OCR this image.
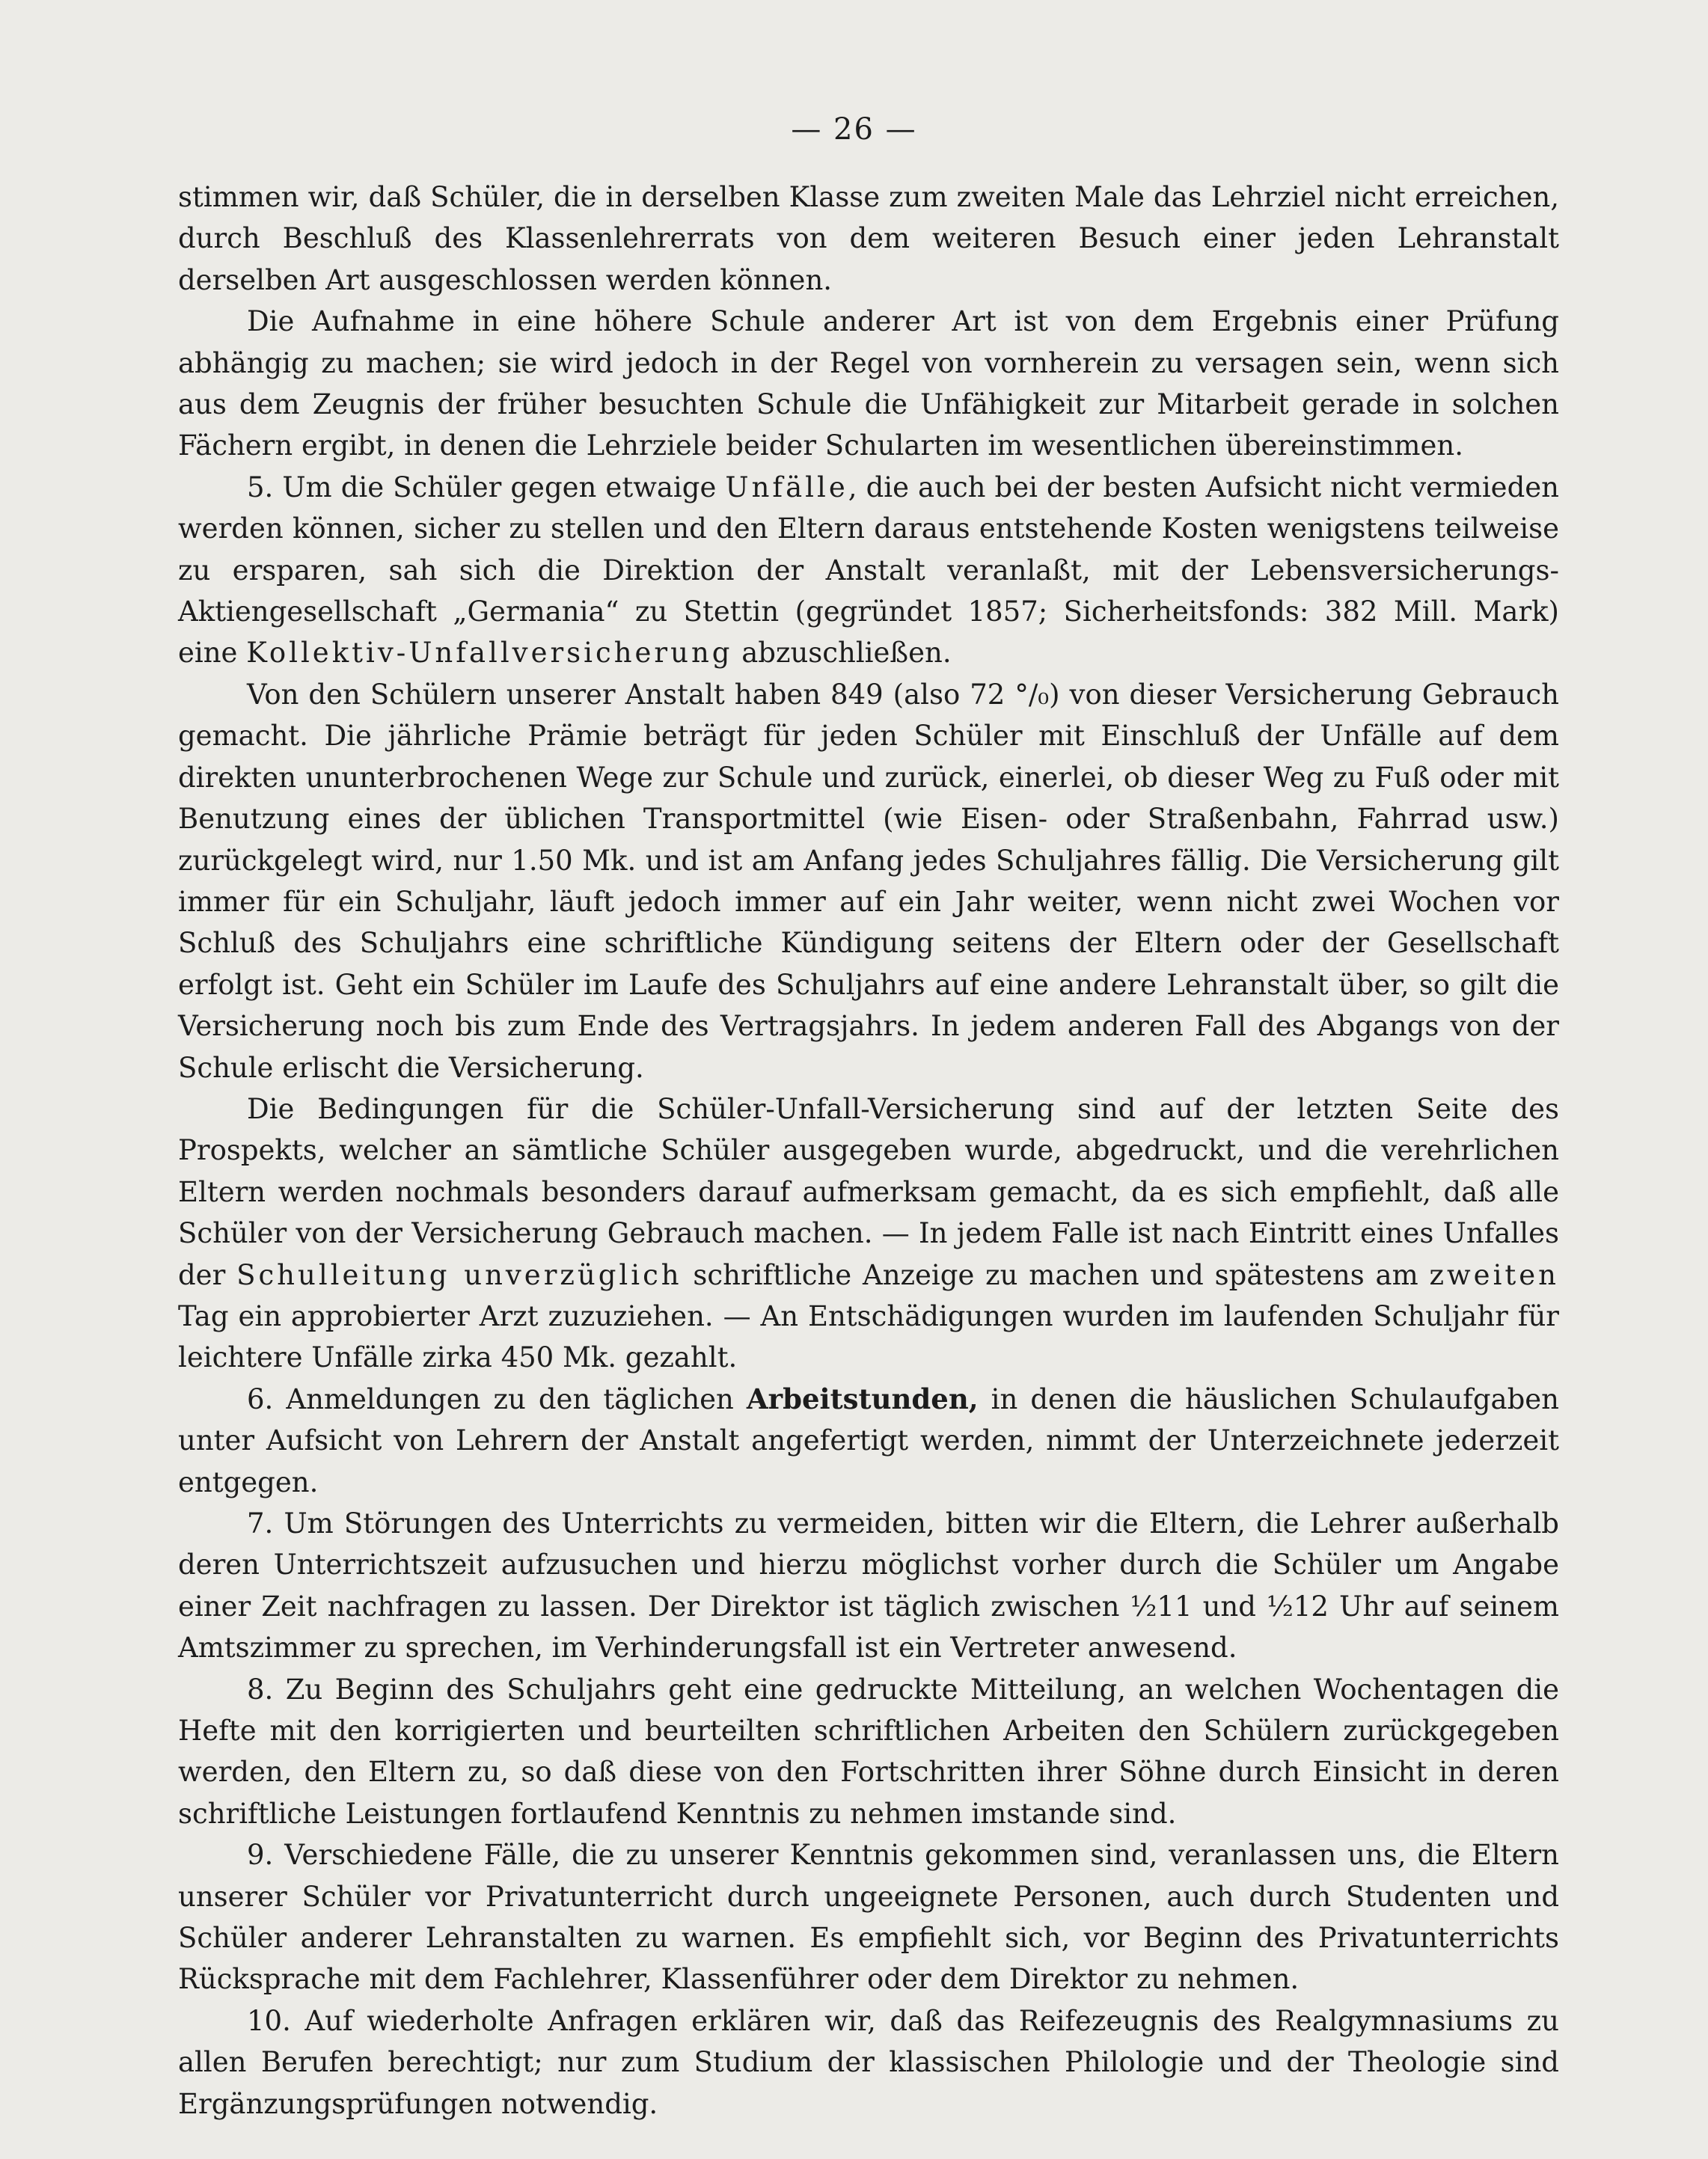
— 26 —

stimmen wir, daß Schüler, die in derselben Klasse zum zweiten Male das Lehrziel nicht erreichen, durch Beschluß des Klassenlehrerrats von dem weiteren Besuch einer jeden Lehranstalt derselben Art ausgeschlossen werden können.

Die Aufnahme in eine höhere Schule anderer Art ist von dem Ergebnis einer Prüfung abhängig zu machen; sie wird jedoch in der Regel von vornherein zu versagen sein, wenn sich aus dem Zeugnis der früher besuchten Schule die Unfähigkeit zur Mitarbeit gerade in solchen Fächern ergibt, in denen die Lehrziele beider Schularten im wesentlichen übereinstimmen.

5. Um die Schüler gegen etwaige Unfälle, die auch bei der besten Aufsicht nicht vermieden werden können, sicher zu stellen und den Eltern daraus entstehende Kosten wenigstens teilweise zu ersparen, sah sich die Direktion der Anstalt veranlaßt, mit der Lebensversicherungs-Aktiengesellschaft „Germania“ zu Stettin (gegründet 1857; Sicherheitsfonds: 382 Mill. Mark) eine Kollektiv-Unfallversicherung abzuschließen.

Von den Schülern unserer Anstalt haben 849 (also 72 °/₀) von dieser Versicherung Gebrauch gemacht. Die jährliche Prämie beträgt für jeden Schüler mit Einschluß der Unfälle auf dem direkten ununterbrochenen Wege zur Schule und zurück, einerlei, ob dieser Weg zu Fuß oder mit Benutzung eines der üblichen Transportmittel (wie Eisen- oder Straßenbahn, Fahrrad usw.) zurückgelegt wird, nur 1.50 Mk. und ist am Anfang jedes Schuljahres fällig. Die Versicherung gilt immer für ein Schuljahr, läuft jedoch immer auf ein Jahr weiter, wenn nicht zwei Wochen vor Schluß des Schuljahrs eine schriftliche Kündigung seitens der Eltern oder der Gesellschaft erfolgt ist. Geht ein Schüler im Laufe des Schuljahrs auf eine andere Lehranstalt über, so gilt die Versicherung noch bis zum Ende des Vertragsjahrs. In jedem anderen Fall des Abgangs von der Schule erlischt die Versicherung.

Die Bedingungen für die Schüler-Unfall-Versicherung sind auf der letzten Seite des Prospekts, welcher an sämtliche Schüler ausgegeben wurde, abgedruckt, und die verehrlichen Eltern werden nochmals besonders darauf aufmerksam gemacht, da es sich empfiehlt, daß alle Schüler von der Versicherung Gebrauch machen. — In jedem Falle ist nach Eintritt eines Unfalles der Schulleitung unverzüglich schriftliche Anzeige zu machen und spätestens am zweiten Tag ein approbierter Arzt zuzuziehen. — An Entschädigungen wurden im laufenden Schuljahr für leichtere Unfälle zirka 450 Mk. gezahlt.

6. Anmeldungen zu den täglichen Arbeitstunden, in denen die häuslichen Schulaufgaben unter Aufsicht von Lehrern der Anstalt angefertigt werden, nimmt der Unterzeichnete jederzeit entgegen.

7. Um Störungen des Unterrichts zu vermeiden, bitten wir die Eltern, die Lehrer außerhalb deren Unterrichtszeit aufzusuchen und hierzu möglichst vorher durch die Schüler um Angabe einer Zeit nachfragen zu lassen. Der Direktor ist täglich zwischen ½11 und ½12 Uhr auf seinem Amtszimmer zu sprechen, im Verhinderungsfall ist ein Vertreter anwesend.

8. Zu Beginn des Schuljahrs geht eine gedruckte Mitteilung, an welchen Wochentagen die Hefte mit den korrigierten und beurteilten schriftlichen Arbeiten den Schülern zurückgegeben werden, den Eltern zu, so daß diese von den Fortschritten ihrer Söhne durch Einsicht in deren schriftliche Leistungen fortlaufend Kenntnis zu nehmen imstande sind.

9. Verschiedene Fälle, die zu unserer Kenntnis gekommen sind, veranlassen uns, die Eltern unserer Schüler vor Privatunterricht durch ungeeignete Personen, auch durch Studenten und Schüler anderer Lehranstalten zu warnen. Es empfiehlt sich, vor Beginn des Privatunterrichts Rücksprache mit dem Fachlehrer, Klassenführer oder dem Direktor zu nehmen.

10. Auf wiederholte Anfragen erklären wir, daß das Reifezeugnis des Realgymnasiums zu allen Berufen berechtigt; nur zum Studium der klassischen Philologie und der Theologie sind Ergänzungsprüfungen notwendig.
